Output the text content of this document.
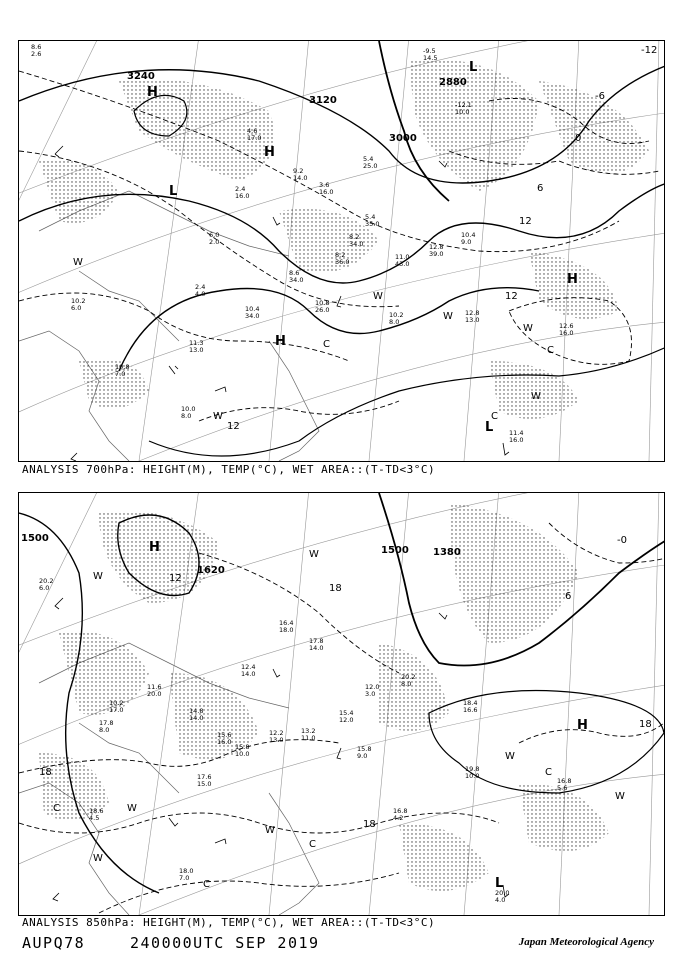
3240
3000
2880
3120
-12
-6
0
12
12
12
6
H
H
H
H
L
L
L
W
W
W
W
W
W
C
C
C
8.6
2.6
11.4
16.0
12.6
16.0
12.8
13.0
10.0
8.0
10.2
8.0
10.8
7.0
11.3
13.0
10.8
26.0
10.4
9.0
11.0
43.0
12.8
39.0
8.2
36.0
5.4
35.0
8.6
34.0
10.4
34.0
9.2
14.0
6.0
2.0
2.4
16.0
3.6
16.0
4.6
17.0
10.2
6.0
8.2
34.0
2.4
4.0
5.4
25.0
-9.5
14.5
-12.1
10.0
ANALYSIS 700hPa: HEIGHT(M), TEMP(°C), WET AREA::(T-TD<3°C)
1500
1500 1380
1620
12
18
18
18
18
-0
6
H
H
L
W
W
W
W
W
W
W
C
C
C
C
19.8
10.0
16.8
5.6
20.0
4.0
18.0
7.0
16.8
4.2
15.8
9.0
13.2
11.0
12.2
13.0
15.8
10.0
17.8
8.0
20.2
8.0
18.4
16.6
15.4
12.0
10.2
17.0	14.8
14.0
15.6
16.0
12.0
3.0
17.8
14.0
16.4
18.0
12.4
14.0
17.6
15.0
11.6
20.0
18.6
4.5
20.2
6.0
ANALYSIS 850hPa: HEIGHT(M), TEMP(°C), WET AREA::(T-TD<3°C)
AUPQ78	240000UTC SEP 2019	Japan Meteorological Agency
